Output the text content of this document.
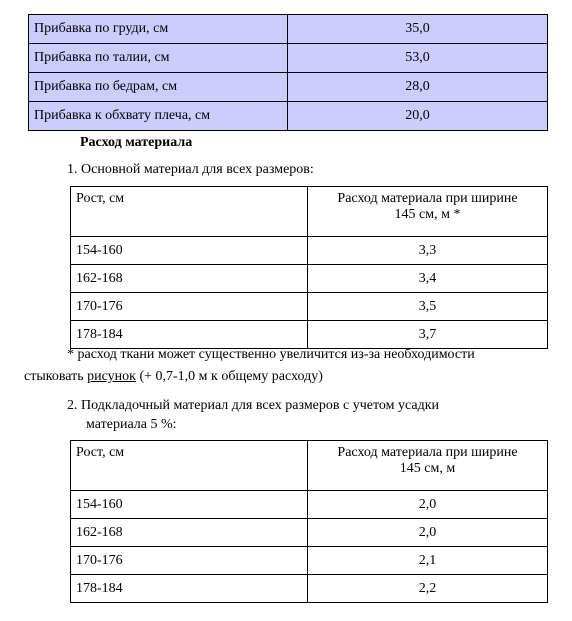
Прибавка по груди, см	35,0
Прибавка по талии, см	53,0
Прибавка по бедрам, см	28,0
Прибавка к обхвату плеча, см	20,0
Расход материала
1. Основной материал для всех размеров:
Рост, см	Расход материала при ширине
145 см, м *

154-160	3,3
162-168	3,4
170-176	3,5
178-184	3,7
* расход ткани может существенно увеличится из-за необходимости
стыковать рисунок (+ 0,7-1,0 м к общему расходу)
2. Подкладочный материал для всех размеров с учетом усадки
материала 5 %:
Рост, см	Расход материала при ширине
145 см, м

154-160	2,0
162-168	2,0
170-176	2,1
178-184	2,2
